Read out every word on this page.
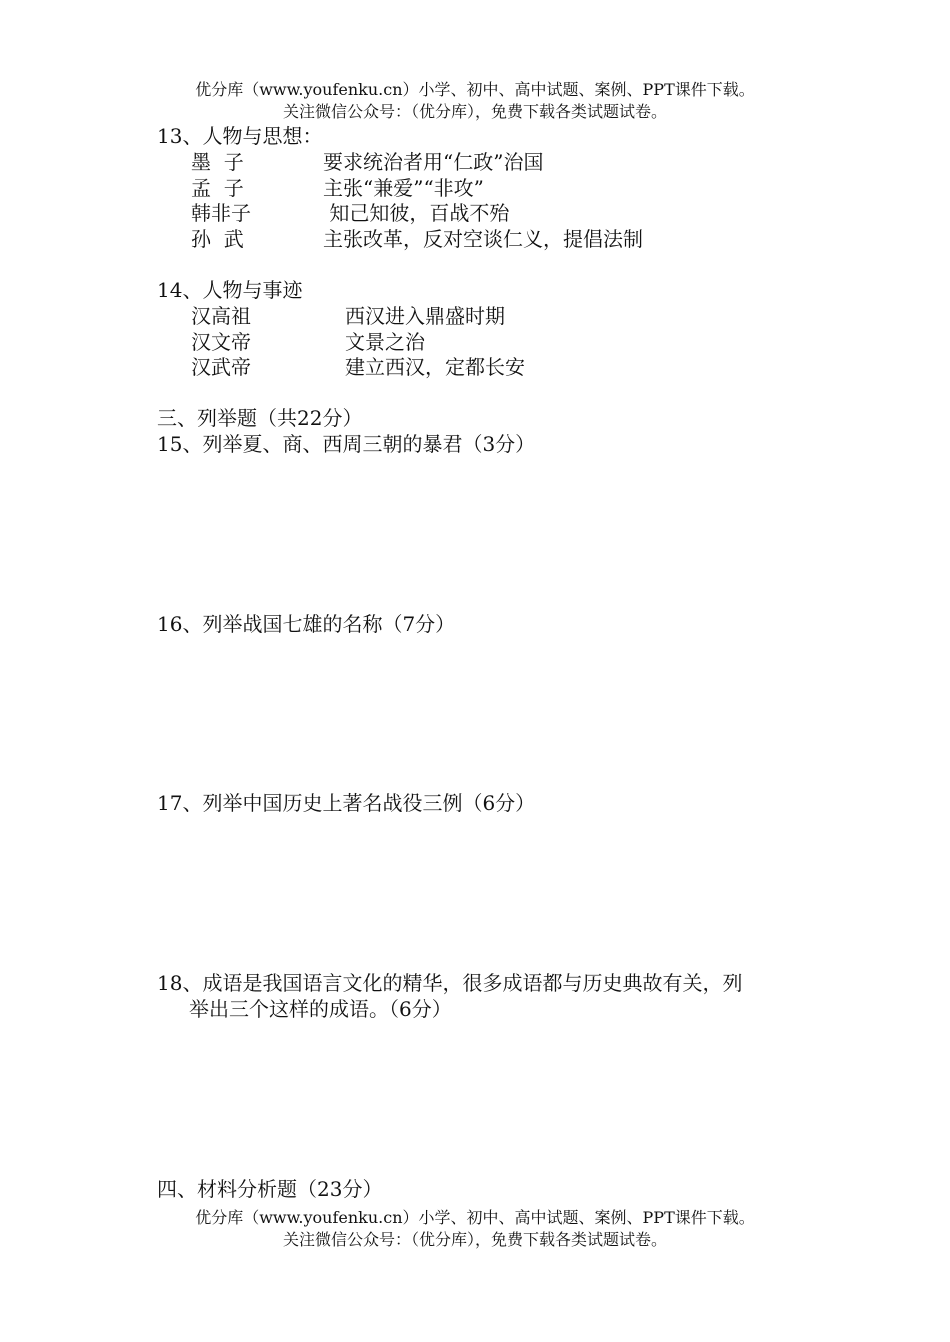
优分库（www.youfenku.cn）小学、初中、高中试题、案例、PPT课件下载。
关注微信公众号：（优分库），免费下载各类试题试卷。
13、人物与思想：
墨  子	要求统治者用“仁政”治国
孟  子	主张“兼爱”“非攻”
韩非子	知己知彼，百战不殆
孙  武	主张改革，反对空谈仁义，提倡法制
14、人物与事迹
汉高祖	西汉进入鼎盛时期
汉文帝	文景之治
汉武帝	建立西汉，定都长安
三、列举题（共22分）
15、列举夏、商、西周三朝的暴君（3分）
16、列举战国七雄的名称（7分）
17、列举中国历史上著名战役三例（6分）
18、成语是我国语言文化的精华，很多成语都与历史典故有关，列
举出三个这样的成语。（6分）
四、材料分析题（23分）
优分库（www.youfenku.cn）小学、初中、高中试题、案例、PPT课件下载。
关注微信公众号：（优分库），免费下载各类试题试卷。
